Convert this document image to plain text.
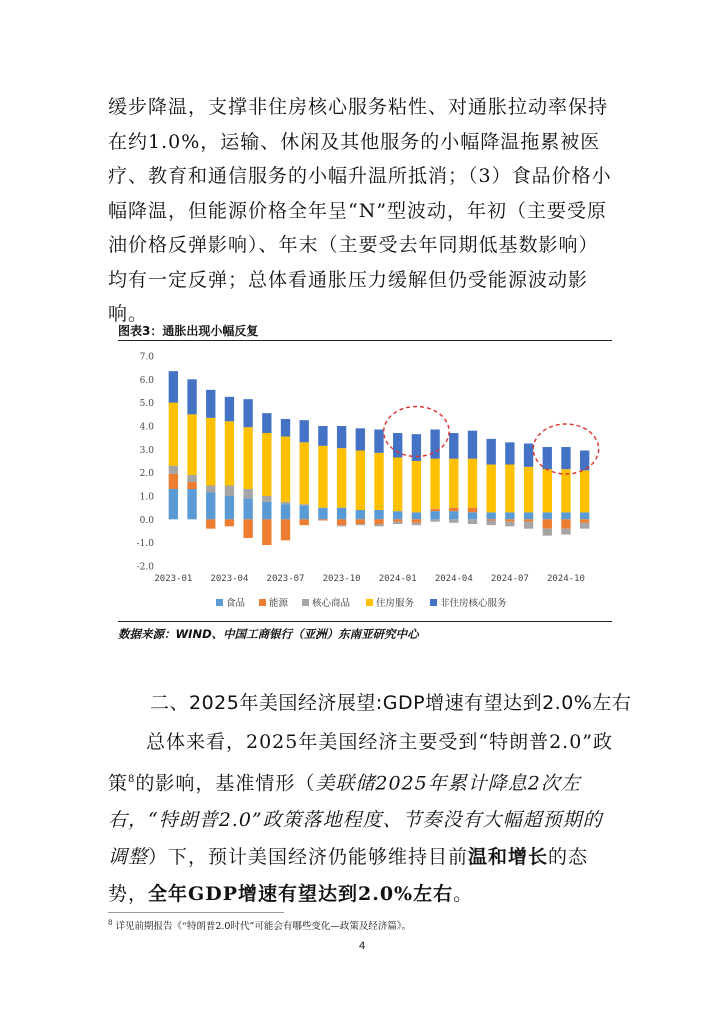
缓步降温，支撑非住房核心服务粘性、对通胀拉动率保持在约1.0%，运输、休闲及其他服务的小幅降温拖累被医疗、教育和通信服务的小幅升温所抵消；（3）食品价格小幅降温，但能源价格全年呈“N”型波动，年初（主要受原油价格反弹影响）、年末（主要受去年同期低基数影响）均有一定反弹；总体看通胀压力缓解但仍受能源波动影响。

图表3：通胀出现小幅反复
7.0
6.0
5.0
4.0
3.0
2.0
1.0
0.0
-1.0
-2.0
2023-01 2023-04 2023-07 2023-10 2024-01 2024-04 2024-07 2024-10
食品	能源	核心商品	住房服务	非住房核心服务
数据来源：WIND、中国工商银行（亚洲）东南亚研究中心
二、2025年美国经济展望:GDP增速有望达到2.0%左右

总体来看，2025年美国经济主要受到“特朗普2.0”政策$^8$的影响，基准情形（美联储2025年累计降息2次左右，“特朗普2.0”政策落地程度、节奏没有大幅超预期的调整）下，预计美国经济仍能够维持目前温和增长的态势，全年GDP增速有望达到2.0%左右。

$^8$ 详见前期报告《“特朗普2.0时代”可能会有哪些变化—政策及经济篇》。
4
